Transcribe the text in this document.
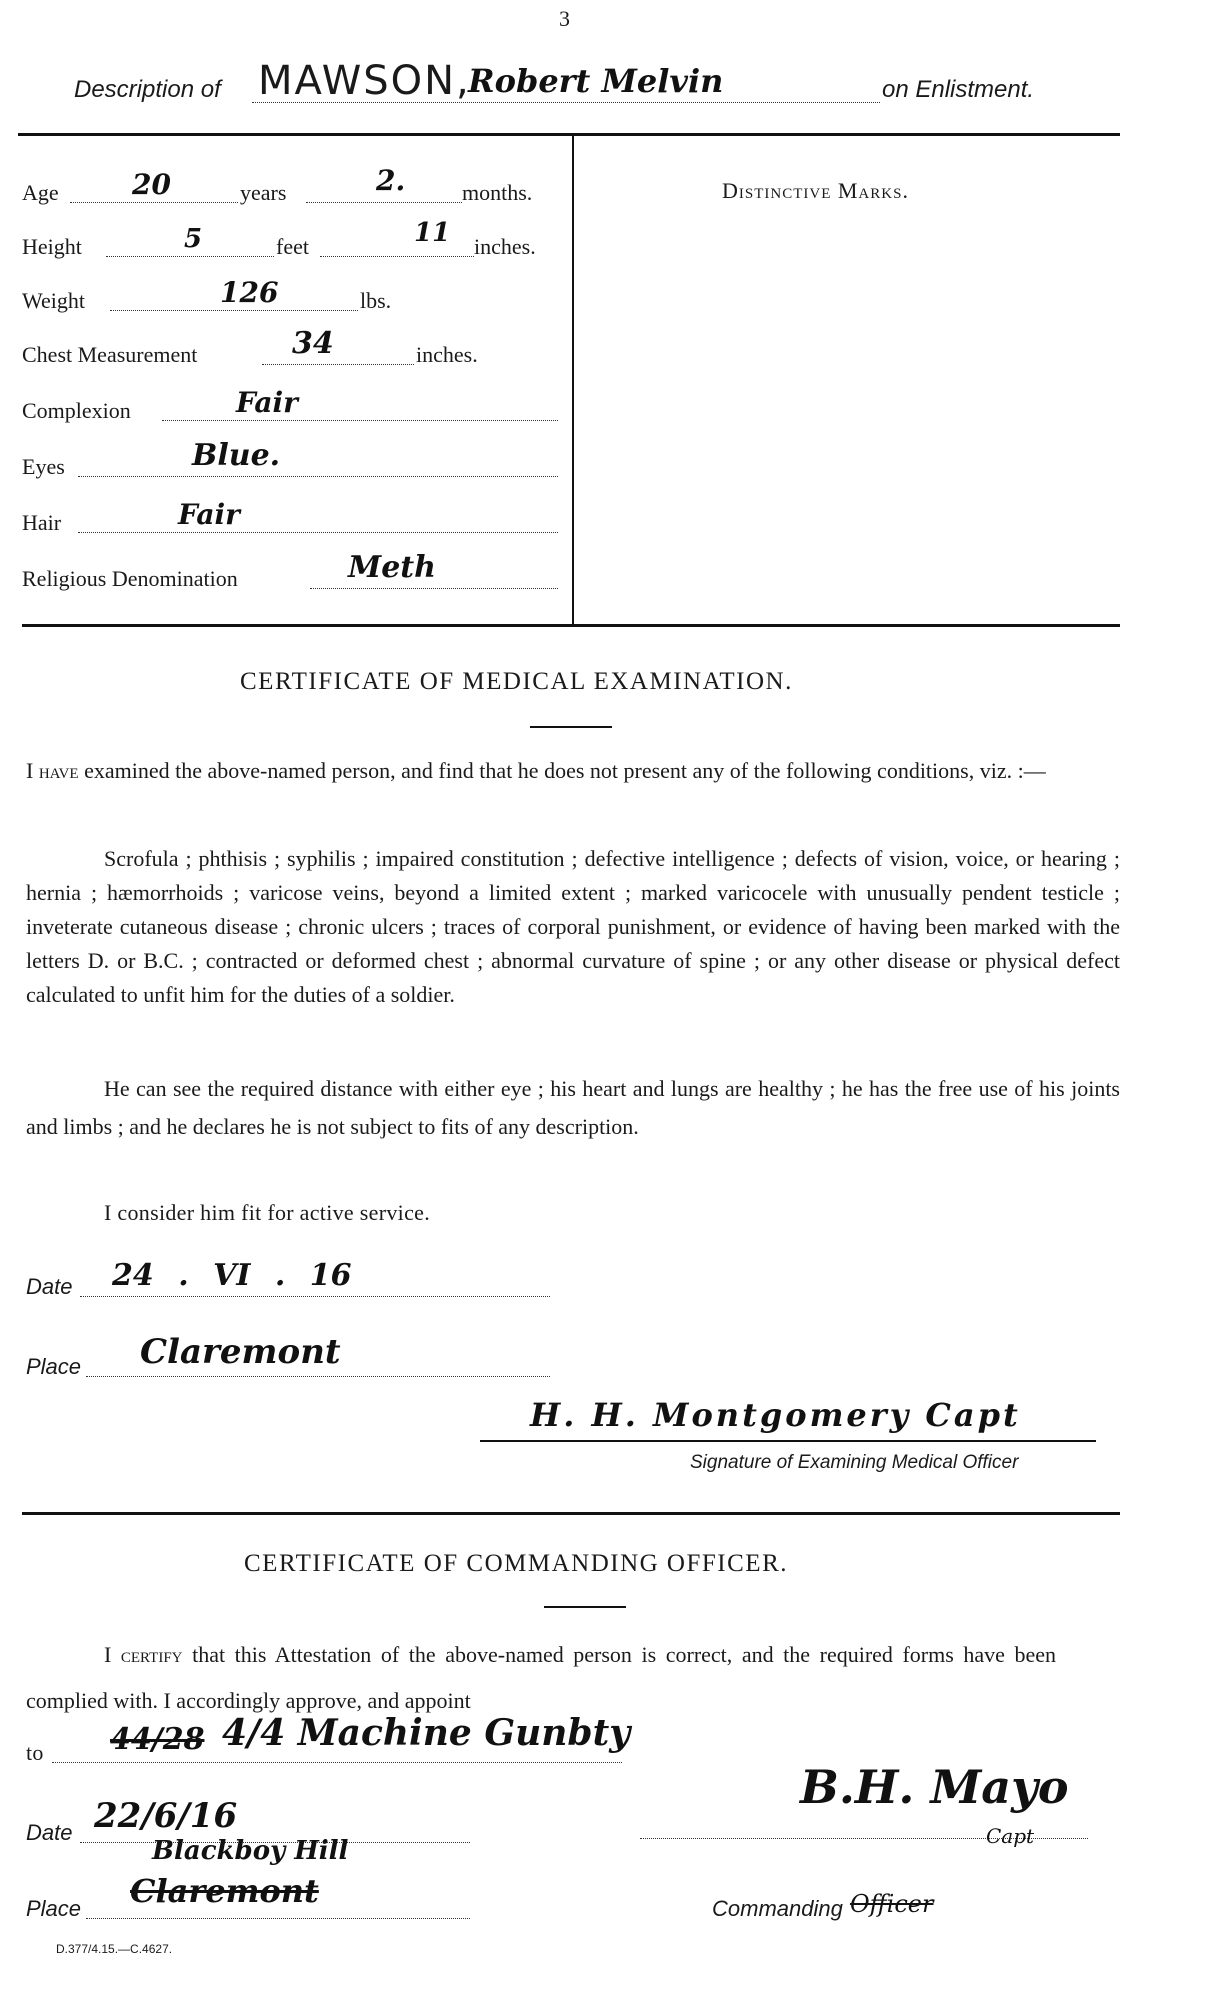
3
Description of MAWSON,
Robert Melvin	on Enlistment.
Age	20	years	2.	months.
Height	5	feet	11 inches.
Weight	126	lbs.
Chest Measurement	34	inches.
Complexion	Fair
Eyes	Blue.
Hair	Fair
Religious Denomination	Meth
Distinctive Marks.
CERTIFICATE OF MEDICAL EXAMINATION.
I have examined the above-named person, and find that he does not present any of the following conditions, viz. :—
Scrofula ; phthisis ; syphilis ; impaired constitution ; defective intelligence ; defects of vision, voice, or hearing ; hernia ; hæmorrhoids ; varicose veins, beyond a limited extent ; marked varicocele with unusually pendent testicle ; inveterate cutaneous disease ; chronic ulcers ; traces of corporal punishment, or evidence of having been marked with the letters D. or B.C. ; contracted or deformed chest ; abnormal curvature of spine ; or any other disease or physical defect calculated to unfit him for the duties of a soldier.
He can see the required distance with either eye ; his heart and lungs are healthy ; he has the free use of his joints and limbs ; and he declares he is not subject to fits of any description.
I consider him fit for active service.
Date 24 . VI . 16
Place Claremont
H. H. Montgomery Capt
Signature of Examining Medical Officer
CERTIFICATE OF COMMANDING OFFICER.
I certify that this Attestation of the above-named person is correct, and the required forms have been complied with. I accordingly approve, and appoint
to 44/28 4/4 Machine Gunbty
Date 22/6/16
Blackboy Hill
Place Claremont
B.H. Mayo
Capt
Commanding Officer
D.377/4.15.—C.4627.
